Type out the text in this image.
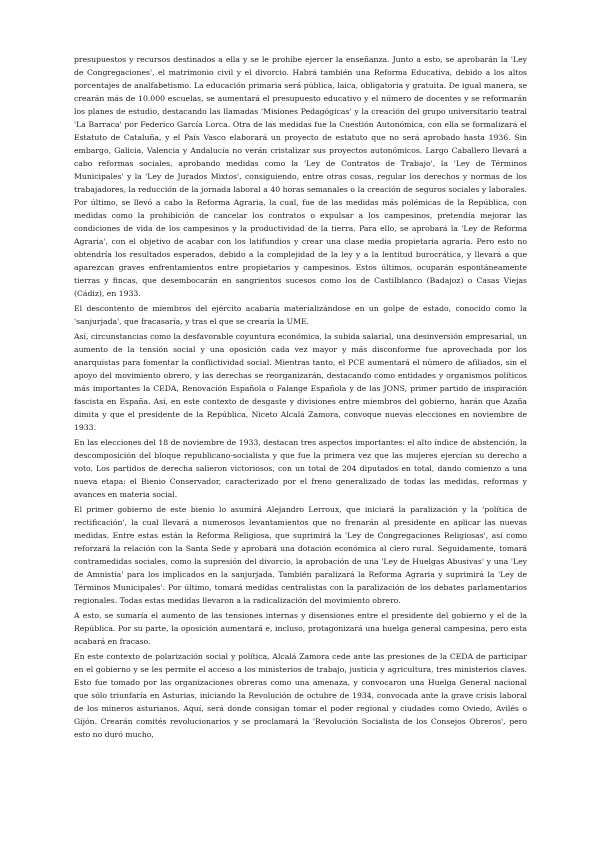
presupuestos y recursos destinados a ella y se le prohíbe ejercer la enseñanza. Junto a esto, se aprobarán la 'Ley de Congregaciones', el matrimonio civil y el divorcio. Habrá también una Reforma Educativa, debido a los altos porcentajes de analfabetismo. La educación primaria será pública, laica, obligatoria y gratuita. De igual manera, se crearán más de 10.000 escuelas, se aumentará el presupuesto educativo y el número de docentes y se reformarán los planes de estudio, destacando las llamadas 'Misiones Pedagógicas' y la creación del grupo universitario teatral 'La Barraca' por Federico García Lorca. Otra de las medidas fue la Cuestión Autonómica, con ella se formalizará el Estatuto de Cataluña, y el País Vasco elaborará un proyecto de estatuto que no será aprobado hasta 1936. Sin embargo, Galicia, Valencia y Andalucía no verán cristalizar sus proyectos autonómicos. Largo Caballero llevará a cabo reformas sociales, aprobando medidas como la 'Ley de Contratos de Trabajo', la 'Ley de Términos Municipales' y la 'Ley de Jurados Mixtos', consiguiendo, entre otras cosas, regular los derechos y normas de los trabajadores, la reducción de la jornada laboral a 40 horas semanales o la creación de seguros sociales y laborales. Por último, se llevó a cabo la Reforma Agraria, la cual, fue de las medidas más polémicas de la República, con medidas como la prohibición de cancelar los contratos o expulsar a los campesinos, pretendía mejorar las condiciones de vida de los campesinos y la productividad de la tierra. Para ello, se aprobará la 'Ley de Reforma Agraria', con el objetivo de acabar con los latifundios y crear una clase media propietaria agraria. Pero esto no obtendría los resultados esperados, debido a la complejidad de la ley y a la lentitud burocrática, y llevará a que aparezcan graves enfrentamientos entre propietarios y campesinos. Estos últimos, ocuparán espontáneamente tierras y fincas, que desembocarán en sangrientos sucesos como los de Castilblanco (Badajoz) o Casas Viejas (Cádiz), en 1933.

El descontento de miembros del ejército acabaría materializándose en un golpe de estado, conocido como la 'sanjurjada', que fracasaría, y tras el que se crearía la UME.

Así, circunstancias como la desfavorable coyuntura económica, la subida salarial, una desinversión empresarial, un aumento de la tensión social y una oposición cada vez mayor y más disconforme fue aprovechada por los anarquistas para fomentar la conflictividad social. Mientras tanto, el PCE aumentará el número de afiliados, sin el apoyo del movimiento obrero, y las derechas se reorganizarán, destacando como entidades y organismos políticos más importantes la CEDA, Renovación Española o Falange Española y de las JONS, primer partido de inspiración fascista en España. Así, en este contexto de desgaste y divisiones entre miembros del gobierno, harán que Azaña dimita y que el presidente de la República, Niceto Alcalá Zamora, convoque nuevas elecciones en noviembre de 1933.

En las elecciones del 18 de noviembre de 1933, destacan tres aspectos importantes: el alto índice de abstención, la descomposición del bloque republicano-socialista y que fue la primera vez que las mujeres ejercían su derecho a voto. Los partidos de derecha salieron victoriosos, con un total de 204 diputados en total, dando comienzo a una nueva etapa: el Bienio Conservador, caracterizado por el freno generalizado de todas las medidas, reformas y avances en materia social.

El primer gobierno de este bienio lo asumirá Alejandro Lerroux, que iniciará la paralización y la 'política de rectificación', la cual llevará a numerosos levantamientos que no frenarán al presidente en aplicar las nuevas medidas. Entre estas están la Reforma Religiosa, que suprimirá la 'Ley de Congregaciones Religiosas', así como reforzará la relación con la Santa Sede y aprobará una dotación económica al clero rural. Seguidamente, tomará contramedidas sociales, como la supresión del divorcio, la aprobación de una 'Ley de Huelgas Abusivas' y una 'Ley de Amnistía' para los implicados en la sanjurjada. También paralizará la Reforma Agraria y suprimirá la 'Ley de Términos Municipales'. Por último, tomará medidas centralistas con la paralización de los debates parlamentarios regionales. Todas estas medidas llevaron a la radicalización del movimiento obrero.

A esto, se sumaría el aumento de las tensiones internas y disensiones entre el presidente del gobierno y el de la República. Por su parte, la oposición aumentará e, incluso, protagonizará una huelga general campesina, pero esta acabará en fracaso.

En este contexto de polarización social y política, Alcalá Zamora cede ante las presiones de la CEDA de participar en el gobierno y se les permite el acceso a los ministerios de trabajo, justicia y agricultura, tres ministerios claves. Esto fue tomado por las organizaciones obreras como una amenaza, y convocaron una Huelga General nacional que sólo triunfaría en Asturias, iniciando la Revolución de octubre de 1934, convocada ante la grave crisis laboral de los mineros asturianos. Aquí, será donde consigan tomar el poder regional y ciudades como Oviedo, Avilés o Gijón. Crearán comités revolucionarios y se proclamará la 'Revolución Socialista de los Consejos Obreros', pero esto no duró mucho,
